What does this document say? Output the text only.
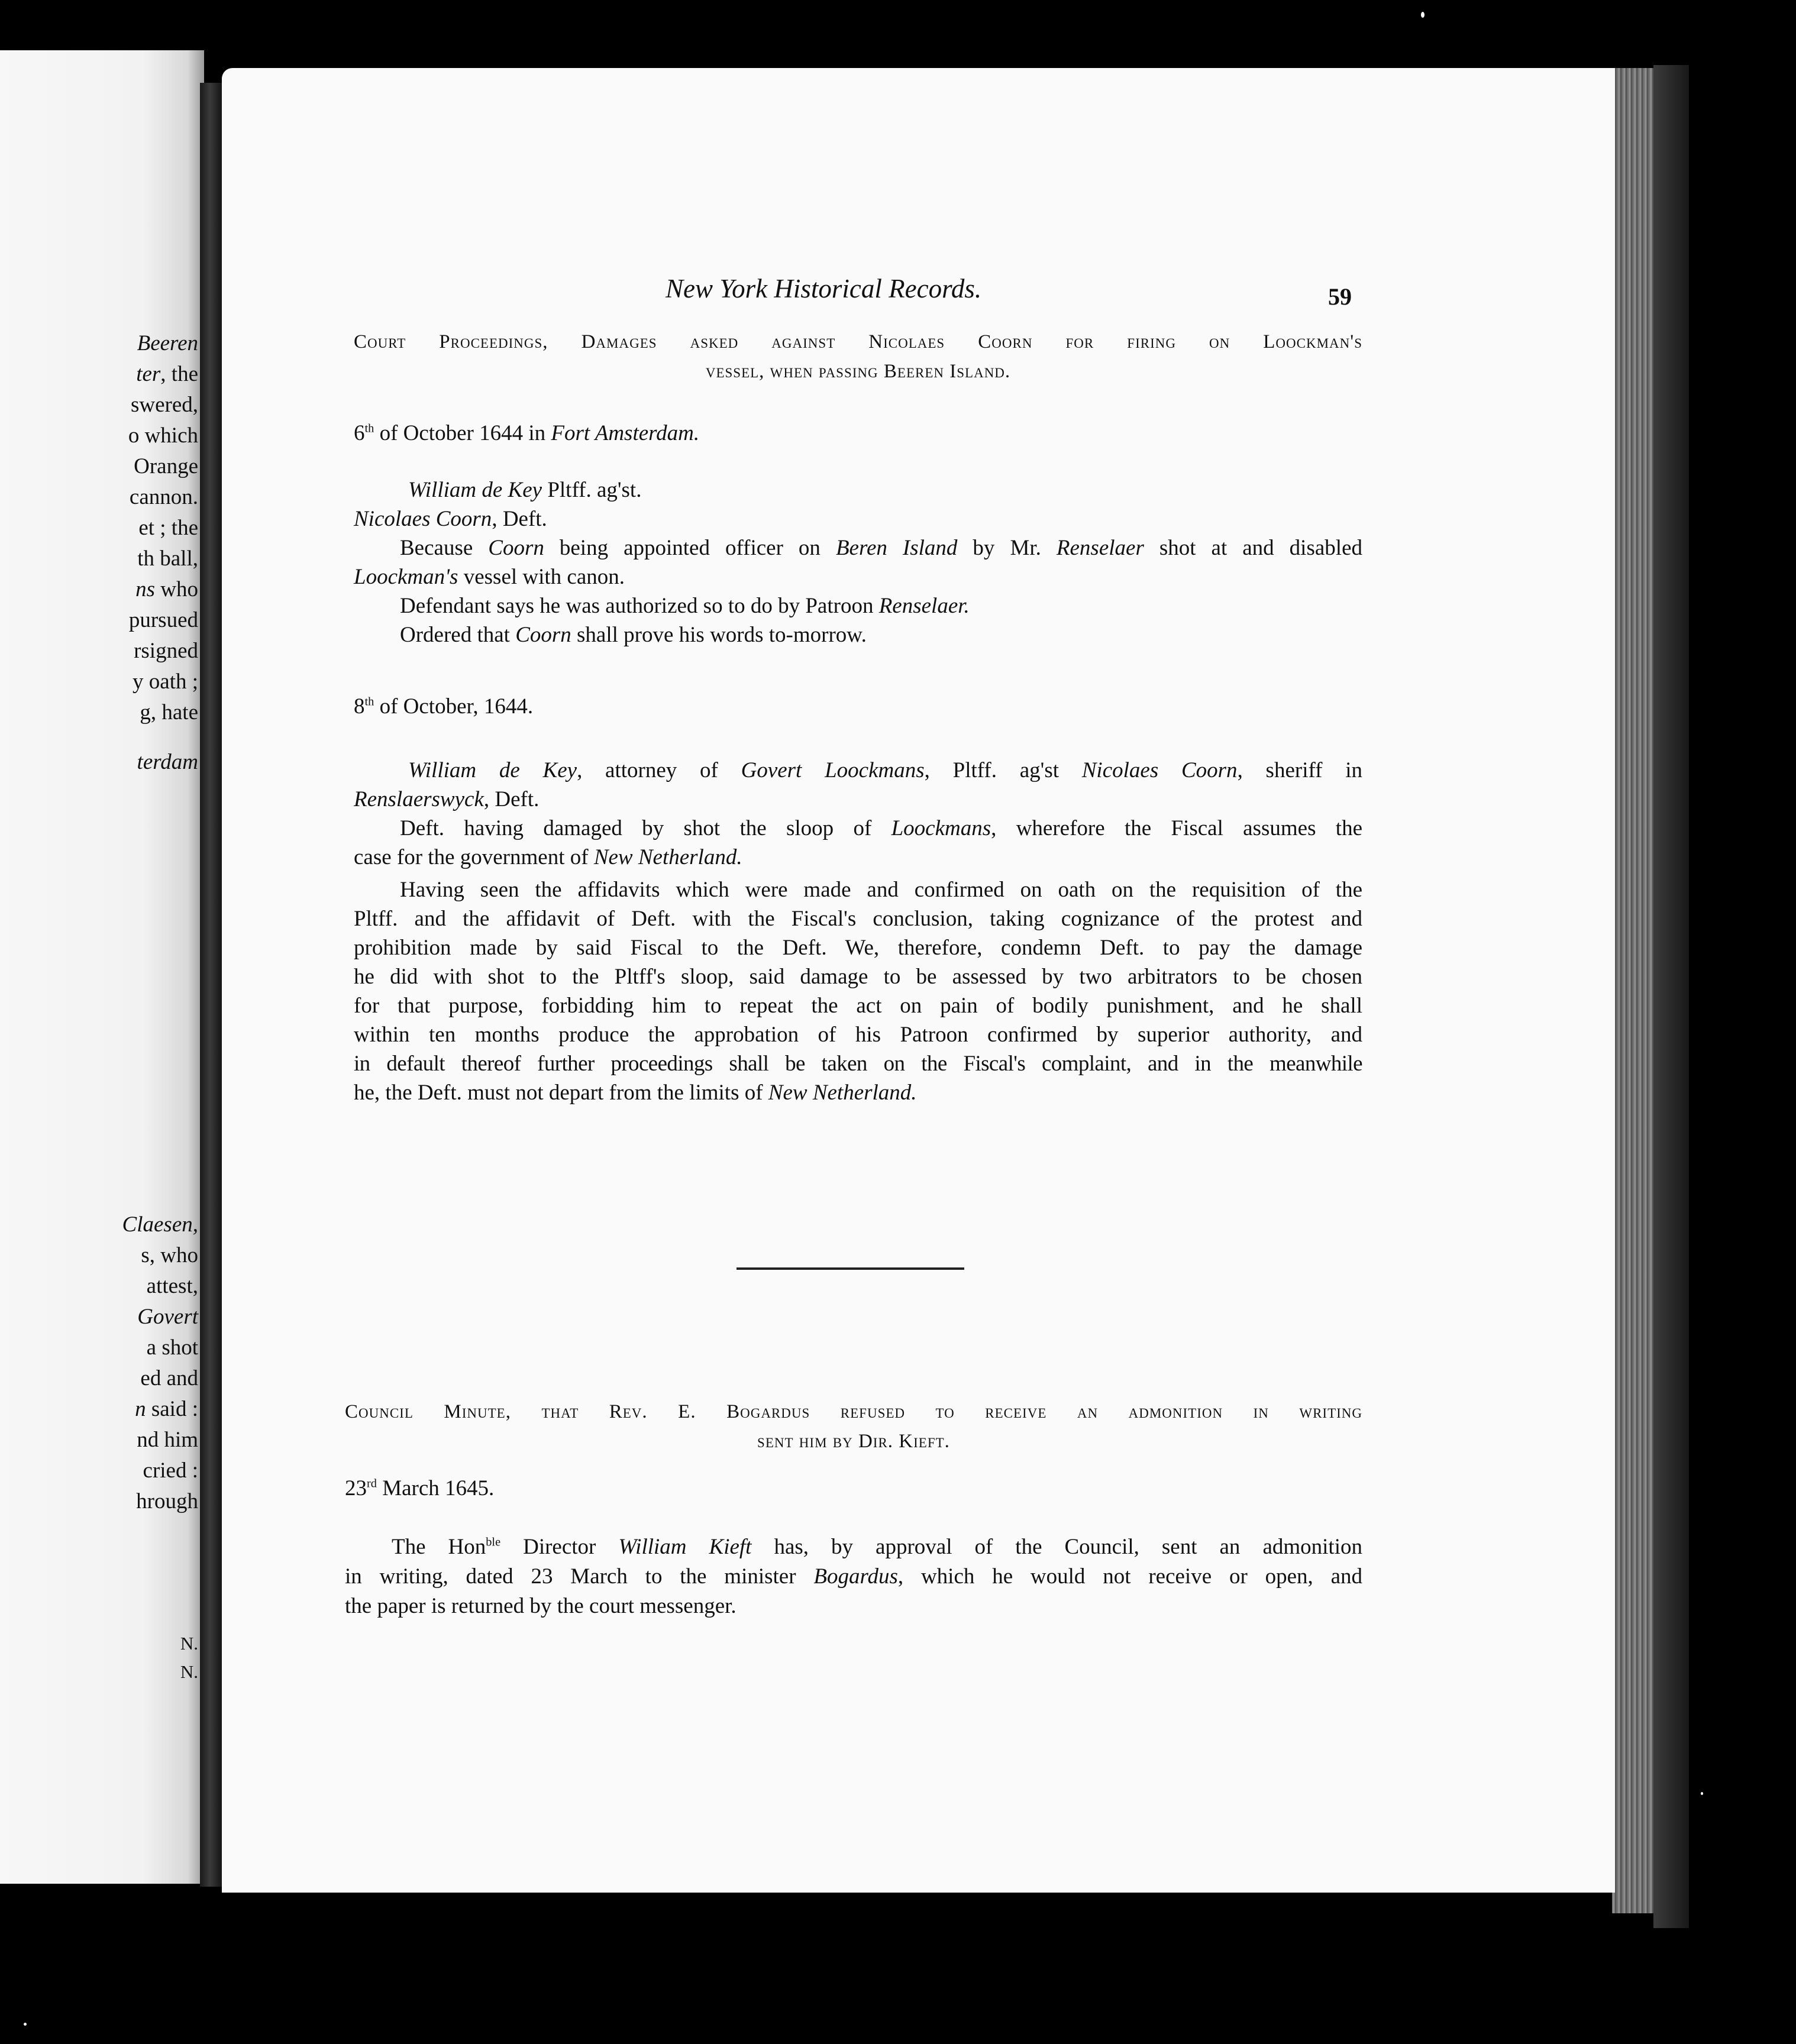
Beeren
ter, the
swered,
o which
Orange
cannon.
et ; the
th ball,
ns who
pursued
rsigned
y oath ;
g, hate
terdam
Claesen,
s, who
attest,
Govert
a shot
ed and
n said :
nd him
cried :
hrough
N.
N.
New York Historical Records.	59
Court Proceedings, Damages asked against Nicolaes Coorn for firing on Loockman's
vessel, when passing Beeren Island.
6th of October 1644 in Fort Amsterdam.
William de Key Pltff. ag'st.
Nicolaes Coorn, Deft.
Because Coorn being appointed officer on Beren Island by Mr. Renselaer shot at and disabled
Loockman's vessel with canon.
Defendant says he was authorized so to do by Patroon Renselaer.
Ordered that Coorn shall prove his words to-morrow.
8th of October, 1644.
William de Key, attorney of Govert Loockmans, Pltff. ag'st Nicolaes Coorn, sheriff in
Renslaerswyck, Deft.
Deft. having damaged by shot the sloop of Loockmans, wherefore the Fiscal assumes the
case for the government of New Netherland.
Having seen the affidavits which were made and confirmed on oath on the requisition of the
Pltff. and the affidavit of Deft. with the Fiscal's conclusion, taking cognizance of the protest and
prohibition made by said Fiscal to the Deft. We, therefore, condemn Deft. to pay the damage
he did with shot to the Pltff's sloop, said damage to be assessed by two arbitrators to be chosen
for that purpose, forbidding him to repeat the act on pain of bodily punishment, and he shall
within ten months produce the approbation of his Patroon confirmed by superior authority, and
in default thereof further proceedings shall be taken on the Fiscal's complaint, and in the meanwhile
he, the Deft. must not depart from the limits of New Netherland.
Council Minute, that Rev. E. Bogardus refused to receive an admonition in writing
sent him by Dir. Kieft.
23rd March 1645.
The Hon$^{ble}$ Director William Kieft has, by approval of the Council, sent an admonition
in writing, dated 23 March to the minister Bogardus, which he would not receive or open, and
the paper is returned by the court messenger.
